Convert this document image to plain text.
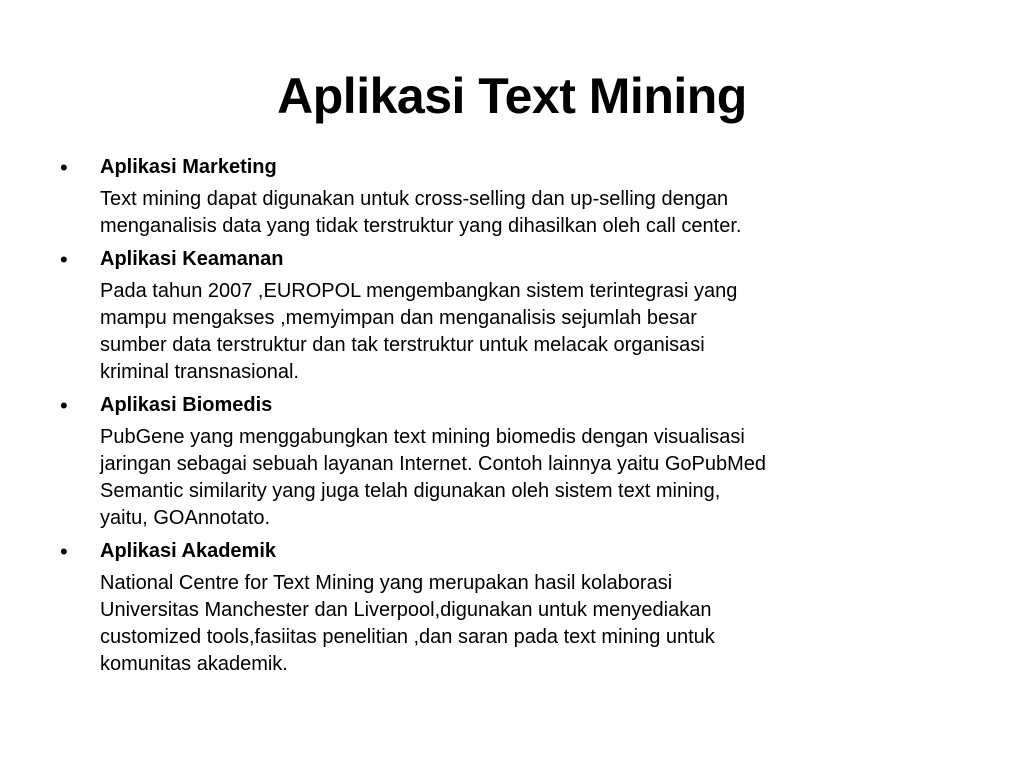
Aplikasi Text Mining
•	Aplikasi Marketing
Text mining dapat digunakan untuk cross-selling dan up-selling dengan
menganalisis data yang tidak terstruktur yang dihasilkan oleh call center.
•	Aplikasi Keamanan
Pada tahun 2007 ,EUROPOL mengembangkan sistem terintegrasi yang
mampu mengakses ,memyimpan dan menganalisis sejumlah besar
sumber data terstruktur dan tak terstruktur untuk melacak organisasi
kriminal transnasional.
•	Aplikasi Biomedis
PubGene yang menggabungkan text mining biomedis dengan visualisasi
jaringan sebagai sebuah layanan Internet. Contoh lainnya yaitu GoPubMed
Semantic similarity yang juga telah digunakan oleh sistem text mining,
yaitu, GOAnnotato.
•	Aplikasi Akademik
National Centre for Text Mining yang merupakan hasil kolaborasi
Universitas Manchester dan Liverpool,digunakan untuk menyediakan
customized tools,fasiitas penelitian ,dan saran pada text mining untuk
komunitas akademik.
